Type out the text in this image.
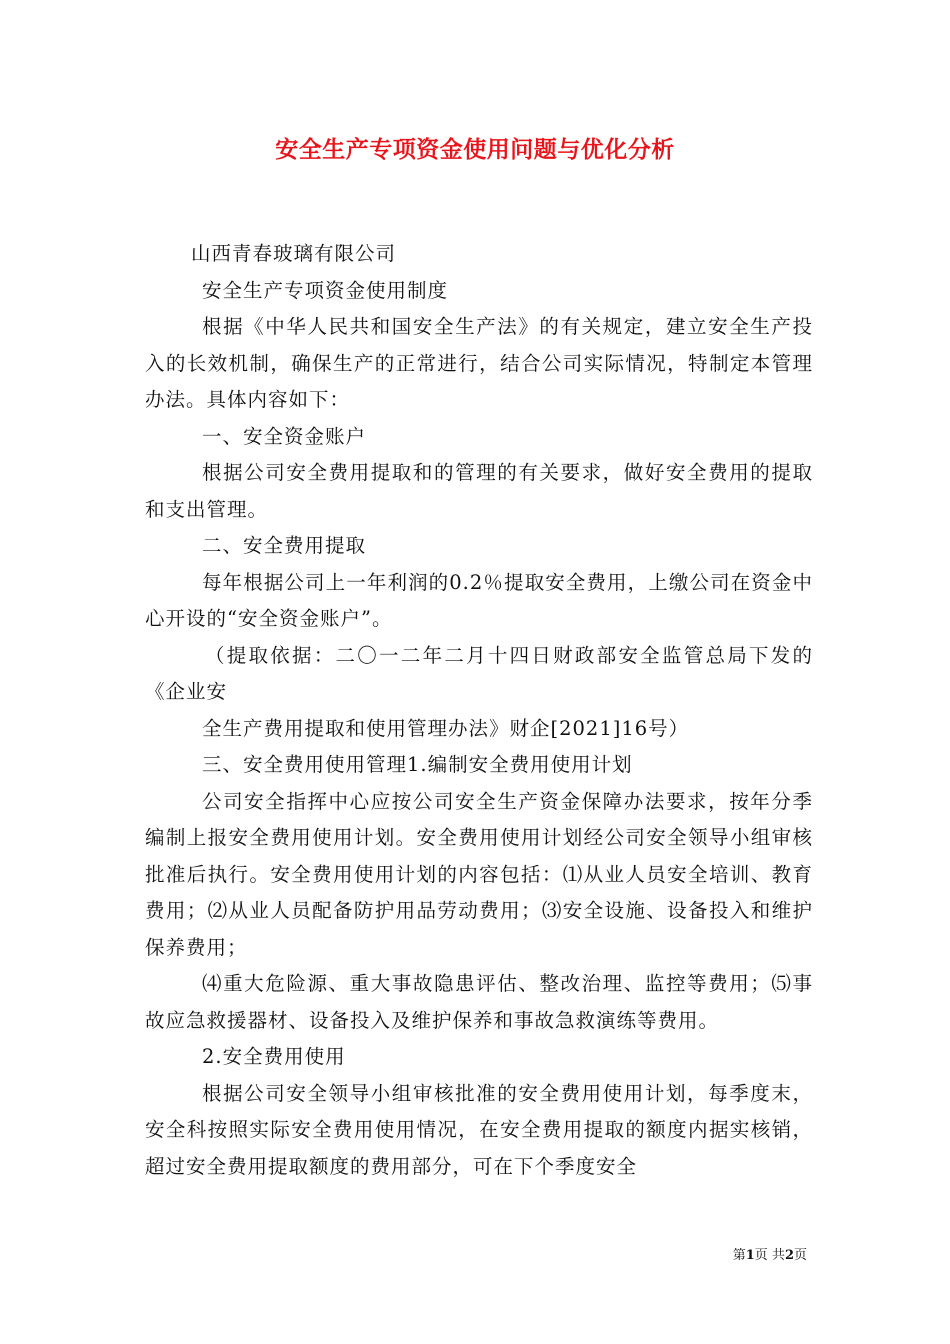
安全生产专项资金使用问题与优化分析

山西青春玻璃有限公司

安全生产专项资金使用制度

根据《中华人民共和国安全生产法》的有关规定，建立安全生产投入的长效机制，确保生产的正常进行，结合公司实际情况，特制定本管理办法。具体内容如下：

一、安全资金账户

根据公司安全费用提取和的管理的有关要求，做好安全费用的提取和支出管理。

二、安全费用提取

每年根据公司上一年利润的0.2％提取安全费用，上缴公司在资金中心开设的“安全资金账户”。

（提取依据：二〇一二年二月十四日财政部安全监管总局下发的《企业安

全生产费用提取和使用管理办法》财企[2021]16号）

三、安全费用使用管理1.编制安全费用使用计划

公司安全指挥中心应按公司安全生产资金保障办法要求，按年分季编制上报安全费用使用计划。安全费用使用计划经公司安全领导小组审核批准后执行。安全费用使用计划的内容包括：⑴从业人员安全培训、教育费用；⑵从业人员配备防护用品劳动费用；⑶安全设施、设备投入和维护保养费用；

⑷重大危险源、重大事故隐患评估、整改治理、监控等费用；⑸事故应急救援器材、设备投入及维护保养和事故急救演练等费用。

2.安全费用使用

根据公司安全领导小组审核批准的安全费用使用计划，每季度末，安全科按照实际安全费用使用情况，在安全费用提取的额度内据实核销，超过安全费用提取额度的费用部分，可在下个季度安全

第1页 共2页
